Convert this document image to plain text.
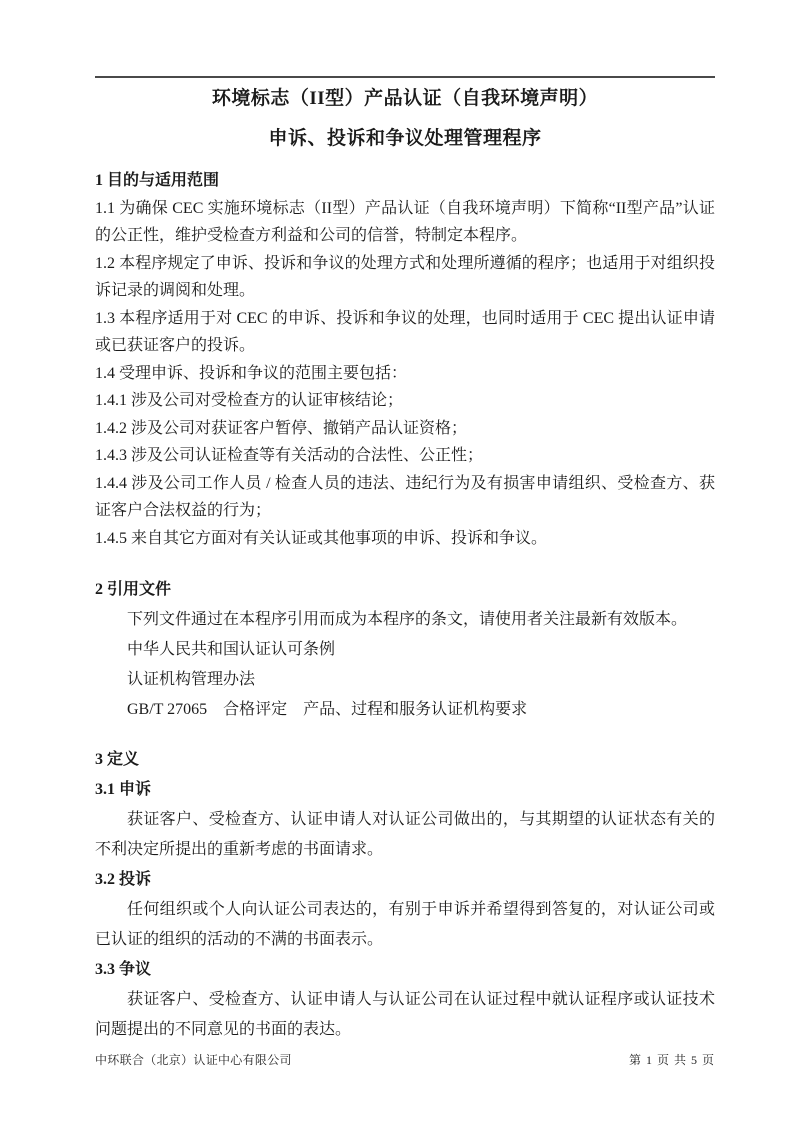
环境标志（II型）产品认证（自我环境声明）
申诉、投诉和争议处理管理程序
1 目的与适用范围

1.1 为确保 CEC 实施环境标志（II型）产品认证（自我环境声明）下简称“II型产品”认证的公正性，维护受检查方利益和公司的信誉，特制定本程序。

1.2 本程序规定了申诉、投诉和争议的处理方式和处理所遵循的程序；也适用于对组织投诉记录的调阅和处理。

1.3 本程序适用于对 CEC 的申诉、投诉和争议的处理，也同时适用于 CEC 提出认证申请或已获证客户的投诉。

1.4 受理申诉、投诉和争议的范围主要包括：

1.4.1 涉及公司对受检查方的认证审核结论；

1.4.2 涉及公司对获证客户暂停、撤销产品认证资格；

1.4.3 涉及公司认证检查等有关活动的合法性、公正性；

1.4.4 涉及公司工作人员 / 检查人员的违法、违纪行为及有损害申请组织、受检查方、获证客户合法权益的行为；

1.4.5 来自其它方面对有关认证或其他事项的申诉、投诉和争议。

2 引用文件

下列文件通过在本程序引用而成为本程序的条文，请使用者关注最新有效版本。

中华人民共和国认证认可条例

认证机构管理办法

GB/T 27065　合格评定　产品、过程和服务认证机构要求

3 定义
3.1 申诉

获证客户、受检查方、认证申请人对认证公司做出的，与其期望的认证状态有关的不利决定所提出的重新考虑的书面请求。

3.2 投诉

任何组织或个人向认证公司表达的，有别于申诉并希望得到答复的，对认证公司或已认证的组织的活动的不满的书面表示。

3.3 争议

获证客户、受检查方、认证申请人与认证公司在认证过程中就认证程序或认证技术问题提出的不同意见的书面的表达。

中环联合（北京）认证中心有限公司	第 1 页 共 5 页
